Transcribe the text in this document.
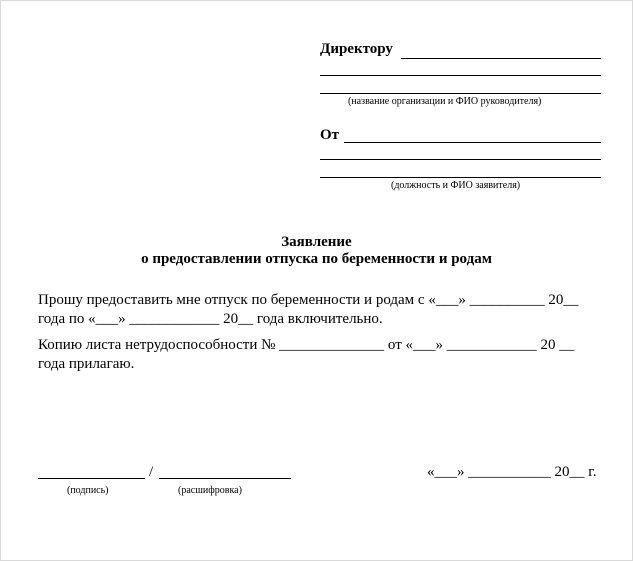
Директору
(название организации и ФИО руководителя)
От
(должность и ФИО заявителя)
Заявление
о предоставлении отпуска по беременности и родам
Прошу предоставить мне отпуск по беременности и родам с «___» __________ 20__
года по «___» ____________ 20__ года включительно.
Копию листа нетрудоспособности № ______________ от «___» ____________ 20 __
года прилагаю.
/
(подпись)	(расшифровка)
«___» ___________ 20__ г.
